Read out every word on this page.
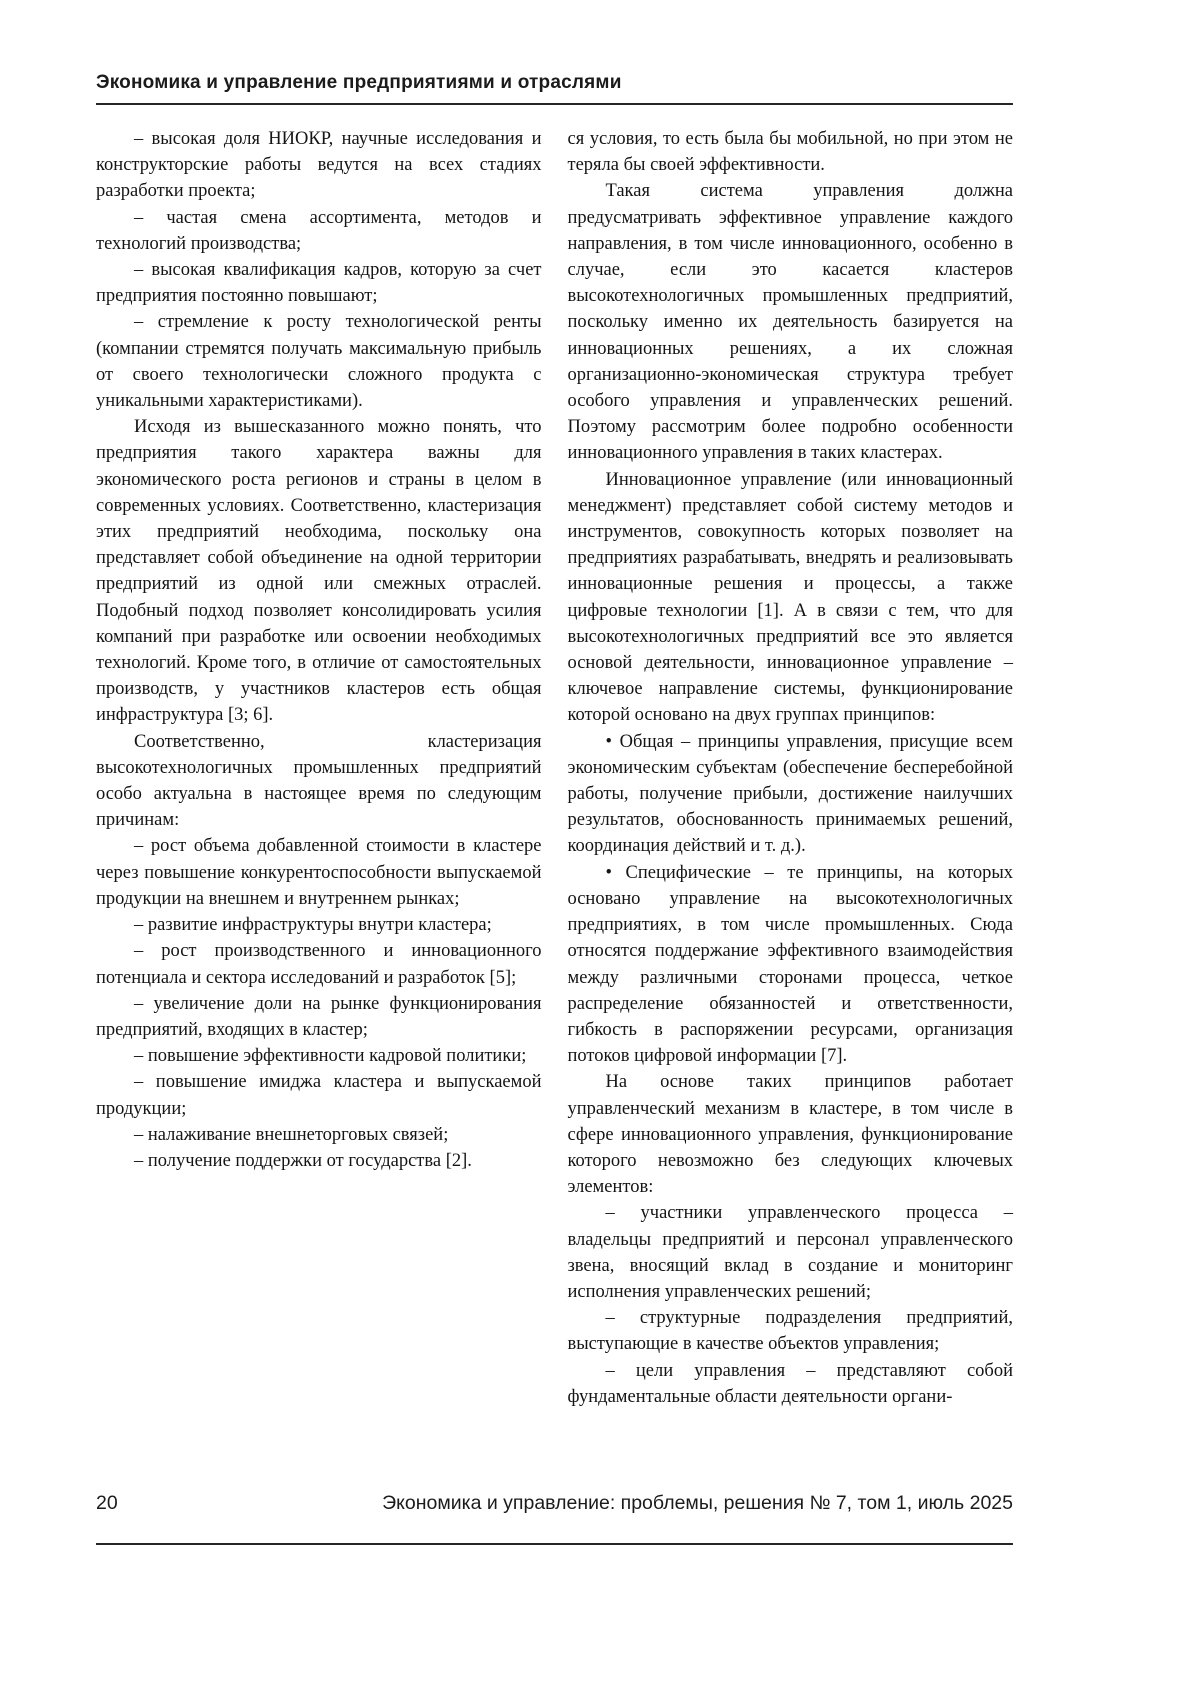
Экономика и управление предприятиями и отраслями

– высокая доля НИОКР, научные исследования и конструкторские работы ведутся на всех стадиях разработки проекта;

– частая смена ассортимента, методов и технологий производства;

– высокая квалификация кадров, которую за счет предприятия постоянно повышают;

– стремление к росту технологической ренты (компании стремятся получать максимальную прибыль от своего технологически сложного продукта с уникальными характеристиками).

Исходя из вышесказанного можно понять, что предприятия такого характера важны для экономического роста регионов и страны в целом в современных условиях. Соответственно, кластеризация этих предприятий необходима, поскольку она представляет собой объединение на одной территории предприятий из одной или смежных отраслей. Подобный подход позволяет консолидировать усилия компаний при разработке или освоении необходимых технологий. Кроме того, в отличие от самостоятельных производств, у участников кластеров есть общая инфраструктура [3; 6].

Соответственно, кластеризация высокотехнологичных промышленных предприятий особо актуальна в настоящее время по следующим причинам:

– рост объема добавленной стоимости в кластере через повышение конкурентоспособности выпускаемой продукции на внешнем и внутреннем рынках;

– развитие инфраструктуры внутри кластера;

– рост производственного и инновационного потенциала и сектора исследований и разработок [5];

– увеличение доли на рынке функционирования предприятий, входящих в кластер;

– повышение эффективности кадровой политики;

– повышение имиджа кластера и выпускаемой продукции;

– налаживание внешнеторговых связей;

– получение поддержки от государства [2].

ся условия, то есть была бы мобильной, но при этом не теряла бы своей эффективности.

Такая система управления должна предусматривать эффективное управление каждого направления, в том числе инновационного, особенно в случае, если это касается кластеров высокотехнологичных промышленных предприятий, поскольку именно их деятельность базируется на инновационных решениях, а их сложная организационно-экономическая структура требует особого управления и управленческих решений. Поэтому рассмотрим более подробно особенности инновационного управления в таких кластерах.

Инновационное управление (или инновационный менеджмент) представляет собой систему методов и инструментов, совокупность которых позволяет на предприятиях разрабатывать, внедрять и реализовывать инновационные решения и процессы, а также цифровые технологии [1]. А в связи с тем, что для высокотехнологичных предприятий все это является основой деятельности, инновационное управление – ключевое направление системы, функционирование которой основано на двух группах принципов:

• Общая – принципы управления, присущие всем экономическим субъектам (обеспечение бесперебойной работы, получение прибыли, достижение наилучших результатов, обоснованность принимаемых решений, координация действий и т. д.).

• Специфические – те принципы, на которых основано управление на высокотехнологичных предприятиях, в том числе промышленных. Сюда относятся поддержание эффективного взаимодействия между различными сторонами процесса, четкое распределение обязанностей и ответственности, гибкость в распоряжении ресурсами, организация потоков цифровой информации [7].

На основе таких принципов работает управленческий механизм в кластере, в том числе в сфере инновационного управления, функционирование которого невозможно без следующих ключевых элементов:

– участники управленческого процесса – владельцы предприятий и персонал управленческого звена, вносящий вклад в создание и мониторинг исполнения управленческих решений;

– структурные подразделения предприятий, выступающие в качестве объектов управления;

– цели управления – представляют собой фундаментальные области деятельности органи-

20	Экономика и управление: проблемы, решения № 7, том 1, июль 2025
